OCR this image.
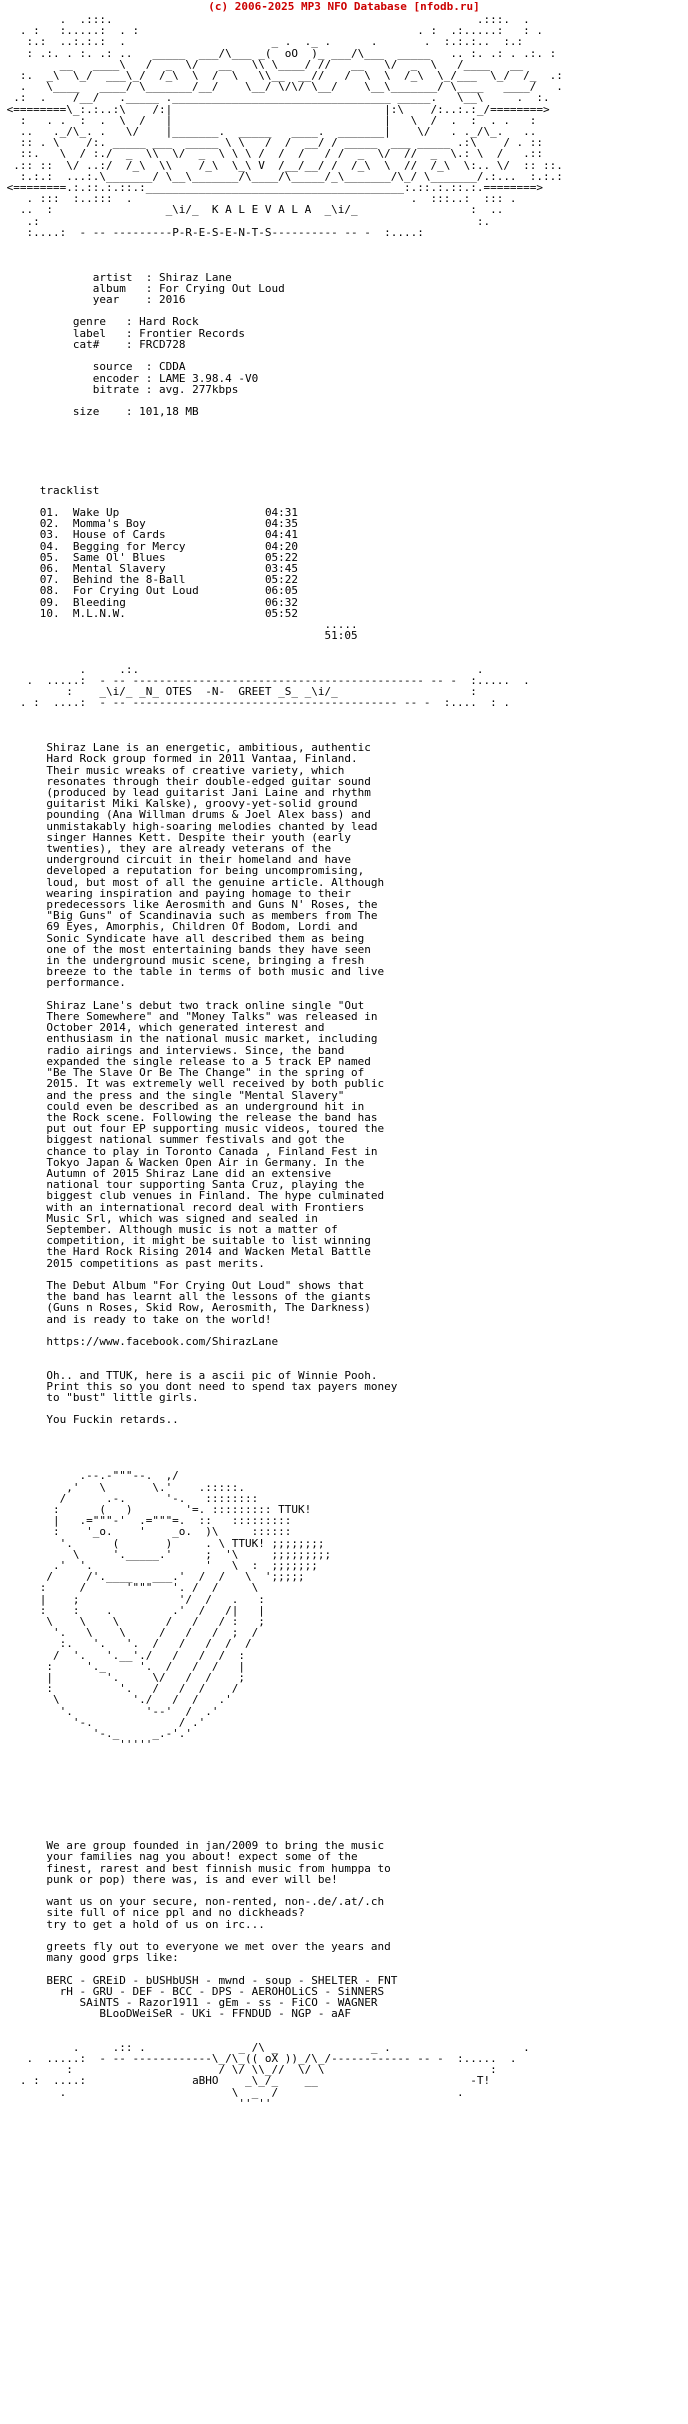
(c) 2006-2025 MP3 NFO Database [nfodb.ru]
.  .:::.                                                       .:::.  .
. :   :.....:  . :                                          . :  .:.....:   : .
:.:  ..:.:.:  .                      _ .  ._ .      .       .  :.:.:..  :.:
: .:. . :. .: ..   _____  ___/\___ _(  oO  )_ ___/\___  _____   .. :. .: . .:. :
__   ____\   /  _  \/   __   \\ \____/ //   __   \/  _  \   /____   __
:.  _\  \_/  ___\_/  /_\  \  /  \   \\__  __//   /  \  \  /_\  \_/___  \_/  /_  .:
.   \____   ____/ \_______/__/    \__/ \/\/ \__/    \__\_______/ \____   ____/   .
.:  .    /__/   ._____ ._________________________________ _____.   \__\     .  :.
<========\_:.:..:\    /:|                                |:\    /:..:.:_/========>
:   . .  :  .  \  /   |                                |   \  /  .  :  . .   :
..   ._/\_. .   \/    |_______.  _____   ____.  _______|    \/   . ._/\_.   ..
:: . \    /:. _____ ___  _____ \ \   /  /  __/ / _____  ___ _____ .:\    / . ::
::.   \  / :./  _  \\  \/  _  \ \ \ /  /  /   / /  _  \/  //  _  \.: \  /   .::
.:: ::  \/ ..:/  /_\  \\    /_\  \_\ V  /__/__/ /  /_\  \  //  /_\  \:.. \/  :: ::.
:.:.:  ...:.\_______/ \__\_______/\____/\_____/_\_______/\_/ \_______/.:...  :.:.:
<========.:.::.:.::.:_______________________________________:.::.:.::.:.========>
. :::  :..:::  .                                          .  :::..:  ::: .
..  :                 _\i/_  K A L E V A L A  _\i/_                 :  ..
.:                                                                  :.
:....:  - -- ---------P-R-E-S-E-N-T-S---------- -- -  :....:

artist  : Shiraz Lane
album   : For Crying Out Loud
year    : 2016

genre   : Hard Rock
label   : Frontier Records
cat#    : FRCD728

source  : CDDA
encoder : LAME 3.98.4 -V0
bitrate : avg. 277kbps

size    : 101,18 MB

tracklist

01. Wake Up                      04:31
02. Momma's Boy                  04:35
03. House of Cards               04:41
04. Begging for Mercy            04:20
05. Same Ol' Blues               05:22
06. Mental Slavery               03:45
07. Behind the 8-Ball            05:22
08. For Crying Out Loud          06:05
09. Bleeding                     06:32
10. M.L.N.W.                     05:52
.....
51:05

.     .:.                                                   .
.  .....:  - -- -------------------------------------------- -- -  :.....  .
:    _\i/_ _N_ OTES  -N-  GREET _S_ _\i/_                    :
. :  ....:  - -- ---------------------------------------- -- -  :....  : .

Shiraz Lane is an energetic, ambitious, authentic
Hard Rock group formed in 2011 Vantaa, Finland.
Their music wreaks of creative variety, which
resonates through their double-edged guitar sound
(produced by lead guitarist Jani Laine and rhythm
guitarist Miki Kalske), groovy-yet-solid ground
pounding (Ana Willman drums & Joel Alex bass) and
unmistakably high-soaring melodies chanted by lead
singer Hannes Kett. Despite their youth (early
twenties), they are already veterans of the
underground circuit in their homeland and have
developed a reputation for being uncompromising,
loud, but most of all the genuine article. Although
wearing inspiration and paying homage to their
predecessors like Aerosmith and Guns N' Roses, the
"Big Guns" of Scandinavia such as members from The
69 Eyes, Amorphis, Children Of Bodom, Lordi and
Sonic Syndicate have all described them as being
one of the most entertaining bands they have seen
in the underground music scene, bringing a fresh
breeze to the table in terms of both music and live
performance.

Shiraz Lane's debut two track online single "Out
There Somewhere" and "Money Talks" was released in
October 2014, which generated interest and
enthusiasm in the national music market, including
radio airings and interviews. Since, the band
expanded the single release to a 5 track EP named
"Be The Slave Or Be The Change" in the spring of
2015. It was extremely well received by both public
and the press and the single "Mental Slavery"
could even be described as an underground hit in
the Rock scene. Following the release the band has
put out four EP supporting music videos, toured the
biggest national summer festivals and got the
chance to play in Toronto Canada , Finland Fest in
Tokyo Japan & Wacken Open Air in Germany. In the
Autumn of 2015 Shiraz Lane did an extensive
national tour supporting Santa Cruz, playing the
biggest club venues in Finland. The hype culminated
with an international record deal with Frontiers
Music Srl, which was signed and sealed in
September. Although music is not a matter of
competition, it might be suitable to list winning
the Hard Rock Rising 2014 and Wacken Metal Battle
2015 competitions as past merits.

The Debut Album "For Crying Out Loud" shows that
the band has learnt all the lessons of the giants
(Guns n Roses, Skid Row, Aerosmith, The Darkness)
and is ready to take on the world!

https://www.facebook.com/ShirazLane

Oh.. and TTUK, here is a ascii pic of Winnie Pooh.
Print this so you dont need to spend tax payers money
to "bust" little girls.

You Fuckin retards..

.--.-"""--.  ,/
,'   \       \.'    .:::::.
/      .-.      '-.   ::::::::
:      (   )        '=. ::::::::: TTUK!
|   .="""-'  .="""=.  ::   :::::::::
:    '_o.    '    _o.  )\     ::::::
'.      (       )     . \ TTUK! ;;;;;;;;
\     '._____.'     ;  '\     ;;;;;;;;;
.'  '.                 '   \  :  ;;;;;;;
/     /'.____   ___.'  /  /   \  ';;;;;
:     /      '"""   '. /  /     \
|    ;               '/  /   .   :
:    :    .         .'  /   /|   |
\    \    \       /   /   / :   ;
'.   \    \     /   /   /  ;  /
:.   '.   '.  /   /   /  /  /
/  '.   '.__'./   /   /  /  :
:     '._     '.  /   /  /   |
|        '.     \/   /  /    ;
:          '.   /   /  /    /
\           './   /  /   .'
'.           '--'  /  .'
'-.             / .'
'-._     _.-'.'
'''''

We are group founded in jan/2009 to bring the music
your families nag you about! expect some of the
finest, rarest and best finnish music from humppa to
punk or pop) there was, is and ever will be!

want us on your secure, non-rented, non-.de/.at/.ch
site full of nice ppl and no dickheads?
try to get a hold of us on irc...

greets fly out to everyone we met over the years and
many good grps like:

BERC - GREiD - bUSHbUSH - mwnd - soup - SHELTER - FNT
rH - GRU - DEF - BCC - DPS - AEROHOLiCS - SiNNERS
SAiNTS - Razor1911 - gEm - ss - FiCO - WAGNER
BLooDWeiSeR - UKi - FFNDUD - NGP - aAF

.     .:: .              _ /\ _              _ .                    .
.  .....:  - -- ------------\_/\_(( oX ))_/\_/------------ -- -  :.....  .
:                      / \/ \\_//  \/ \                         :
. :  ....:	aBHO    _\_/_    __                       -T!
.                         \  _  /                           .
'' ''
